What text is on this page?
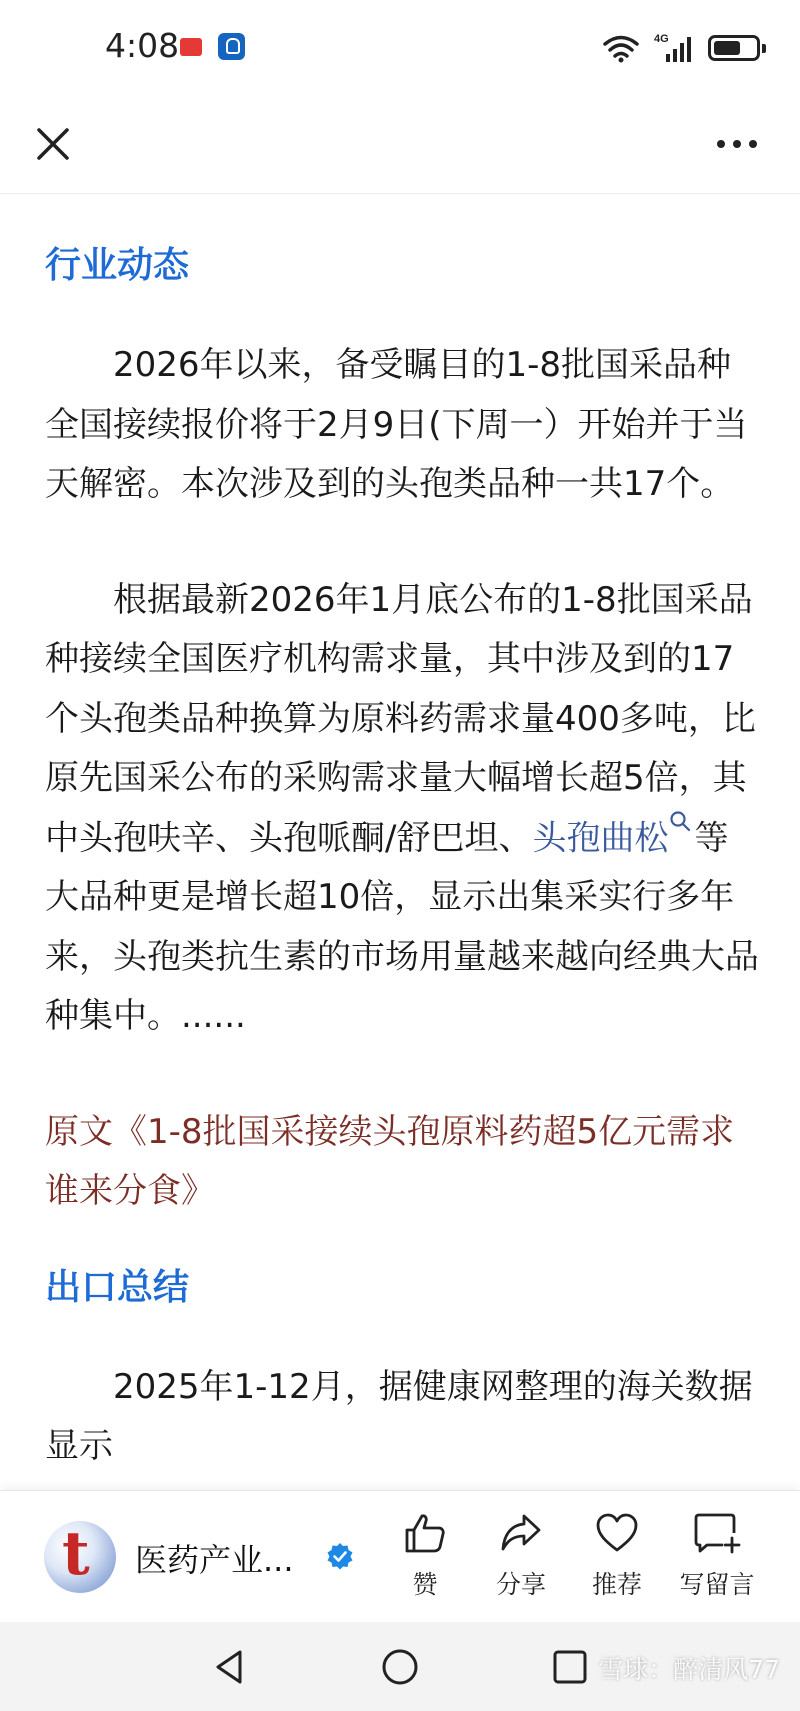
4:08	4G
行业动态

2026年以来，备受瞩目的1-8批国采品种全国接续报价将于2月9日(下周一）开始并于当天解密。本次涉及到的头孢类品种一共17个。

根据最新2026年1月底公布的1-8批国采品种接续全国医疗机构需求量，其中涉及到的17个头孢类品种换算为原料药需求量400多吨，比原先国采公布的采购需求量大幅增长超5倍，其中头孢呋辛、头孢哌酮/舒巴坦、头孢曲松 等大品种更是增长超10倍，显示出集采实行多年来，头孢类抗生素的市场用量越来越向经典大品种集中。......

原文《1-8批国采接续头孢原料药超5亿元需求谁来分食》
出口总结

2025年1-12月，据健康网整理的海关数据显示

t 医药产业...
赞	分享	推荐	写留言
雪球：醉清风77
